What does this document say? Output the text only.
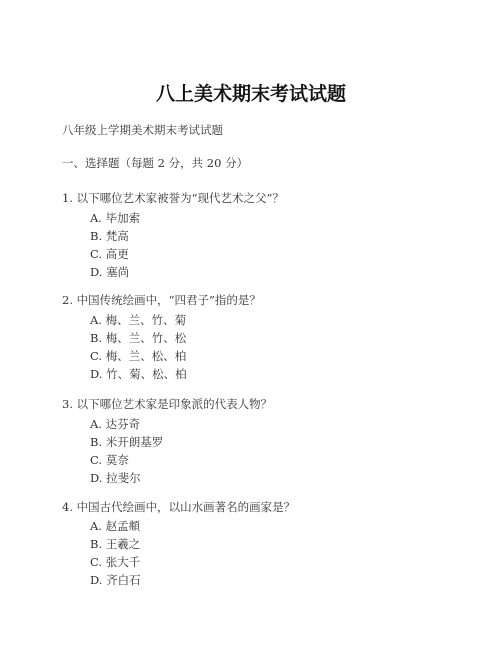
八上美术期末考试试题

八年级上学期美术期末考试试题

一、选择题（每题 2 分，共 20 分）

1. 以下哪位艺术家被誉为“现代艺术之父”？

A. 毕加索

B. 梵高

C. 高更

D. 塞尚

2. 中国传统绘画中，“四君子”指的是？

A. 梅、兰、竹、菊

B. 梅、兰、竹、松

C. 梅、兰、松、柏

D. 竹、菊、松、柏

3. 以下哪位艺术家是印象派的代表人物？

A. 达芬奇

B. 米开朗基罗

C. 莫奈

D. 拉斐尔

4. 中国古代绘画中，以山水画著名的画家是？

A. 赵孟頫

B. 王羲之

C. 张大千

D. 齐白石
